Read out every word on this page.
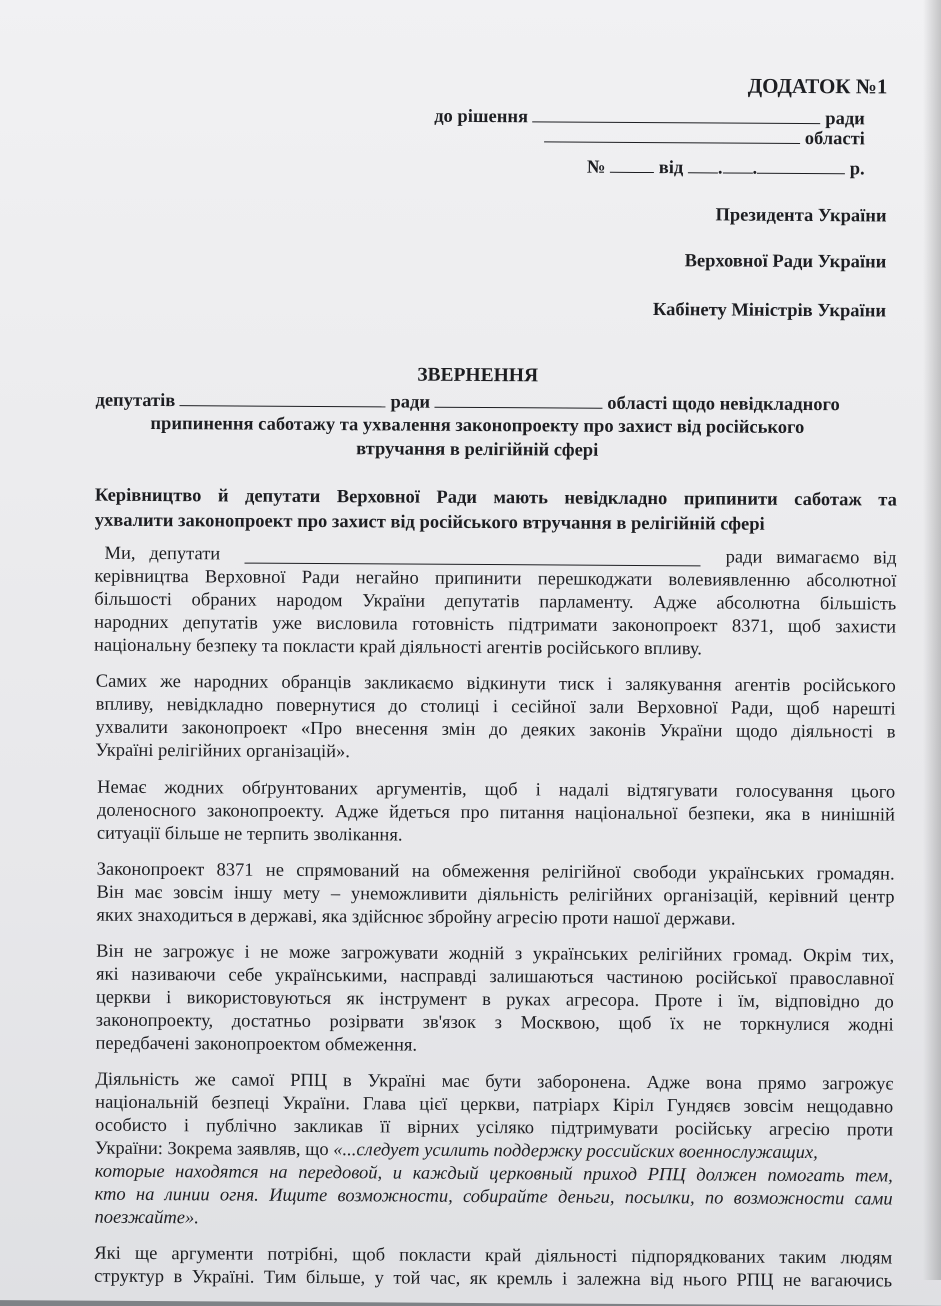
ДОДАТОК №1
до рішення	ради
області
№	від . .	р.
Президента України
Верховної Ради України
Кабінету Міністрів України
ЗВЕРНЕННЯ
депутатів	ради	області щодо невідкладного
припинення саботажу та ухвалення законопроекту про захист від російського
втручання в релігійній сфері
Керівництво й депутати Верховної Ради мають невідкладно припинити саботаж та
ухвалити законопроект про захист від російського втручання в релігійній сфері
Ми,   депутати	ради   вимагаємо   від
керівництва Верховної Ради негайно припинити перешкоджати волевиявленню абсолютної
більшості обраних народом України депутатів парламенту. Адже абсолютна більшість
народних депутатів уже висловила готовність підтримати законопроект 8371, щоб захисти
національну безпеку та покласти край діяльності агентів російського впливу.
Самих же народних обранців закликаємо відкинути тиск і залякування агентів російського
впливу, невідкладно повернутися до столиці і сесійної зали Верховної Ради, щоб нарешті
ухвалити законопроект «Про внесення змін до деяких законів України щодо діяльності в
Україні релігійних організацій».
Немає жодних обґрунтованих аргументів, щоб і надалі відтягувати голосування цього
доленосного законопроекту. Адже йдеться про питання національної безпеки, яка в нинішній
ситуації більше не терпить зволікання.
Законопроект 8371 не спрямований на обмеження релігійної свободи українських громадян.
Він має зовсім іншу мету – унеможливити діяльність релігійних організацій, керівний центр
яких знаходиться в державі, яка здійснює збройну агресію проти нашої держави.
Він не загрожує і не може загрожувати жодній з українських релігійних громад. Окрім тих,
які називаючи себе українськими, насправді залишаються частиною російської православної
церкви і використовуються як інструмент в руках агресора. Проте і їм, відповідно до
законопроекту, достатньо розірвати зв'язок з Москвою, щоб їх не торкнулися жодні
передбачені законопроектом обмеження.
Діяльність же самої РПЦ в Україні має бути заборонена. Адже вона прямо загрожує
національній безпеці України. Глава цієї церкви, патріарх Кіріл Гундяєв зовсім нещодавно
особисто і публічно закликав її вірних усіляко підтримувати російську агресію проти
України: Зокрема заявляв, що «...следует усилить поддержку российских военнослужащих,
которые находятся на передовой, и каждый церковный приход РПЦ должен помогать тем,
кто на линии огня. Ищите возможности, собирайте деньги, посылки, по возможности сами
поезжайте».
Які ще аргументи потрібні, щоб покласти край діяльності підпорядкованих таким людям
структур в Україні. Тим більше, у той час, як кремль і залежна від нього РПЦ не вагаючись
